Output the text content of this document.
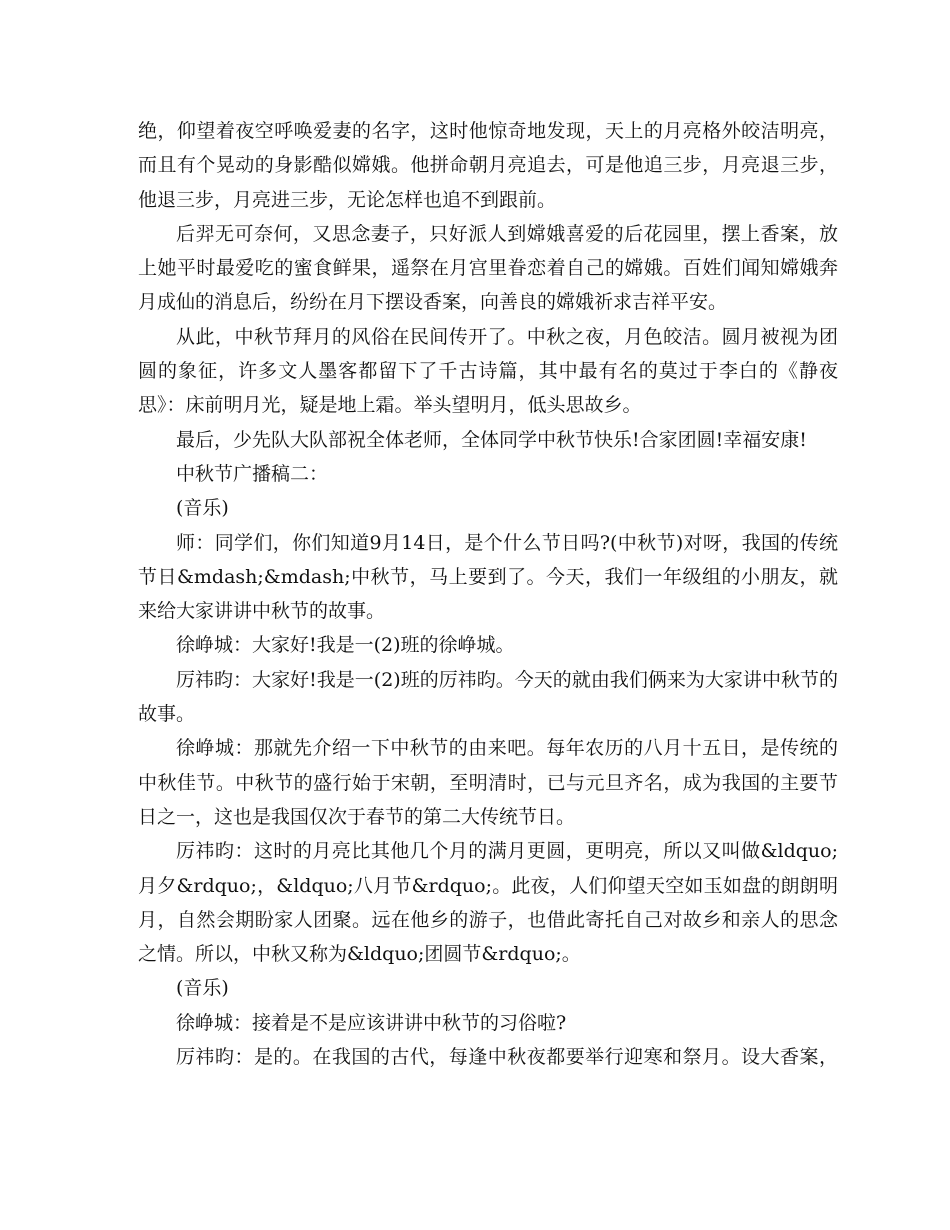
绝，仰望着夜空呼唤爱妻的名字，这时他惊奇地发现，天上的月亮格外皎洁明亮，而且有个晃动的身影酷似嫦娥。他拼命朝月亮追去，可是他追三步，月亮退三步，他退三步，月亮进三步，无论怎样也追不到跟前。

后羿无可奈何，又思念妻子，只好派人到嫦娥喜爱的后花园里，摆上香案，放上她平时最爱吃的蜜食鲜果，遥祭在月宫里眷恋着自己的嫦娥。百姓们闻知嫦娥奔月成仙的消息后，纷纷在月下摆设香案，向善良的嫦娥祈求吉祥平安。

从此，中秋节拜月的风俗在民间传开了。中秋之夜，月色皎洁。圆月被视为团圆的象征，许多文人墨客都留下了千古诗篇，其中最有名的莫过于李白的《静夜思》：床前明月光，疑是地上霜。举头望明月，低头思故乡。

最后，少先队大队部祝全体老师，全体同学中秋节快乐!合家团圆!幸福安康!

中秋节广播稿二：

(音乐)

师：同学们，你们知道9月14日，是个什么节日吗?(中秋节)对呀，我国的传统节日&mdash;&mdash;中秋节，马上要到了。今天，我们一年级组的小朋友，就来给大家讲讲中秋节的故事。

徐峥城：大家好!我是一(2)班的徐峥城。

厉祎昀：大家好!我是一(2)班的厉祎昀。今天的就由我们俩来为大家讲中秋节的故事。

徐峥城：那就先介绍一下中秋节的由来吧。每年农历的八月十五日，是传统的中秋佳节。中秋节的盛行始于宋朝，至明清时，已与元旦齐名，成为我国的主要节日之一，这也是我国仅次于春节的第二大传统节日。

厉祎昀：这时的月亮比其他几个月的满月更圆，更明亮，所以又叫做&ldquo;月夕&rdquo;，&ldquo;八月节&rdquo;。此夜，人们仰望天空如玉如盘的朗朗明月，自然会期盼家人团聚。远在他乡的游子，也借此寄托自己对故乡和亲人的思念之情。所以，中秋又称为&ldquo;团圆节&rdquo;。

(音乐)

徐峥城：接着是不是应该讲讲中秋节的习俗啦?

厉祎昀：是的。在我国的古代，每逢中秋夜都要举行迎寒和祭月。设大香案，
